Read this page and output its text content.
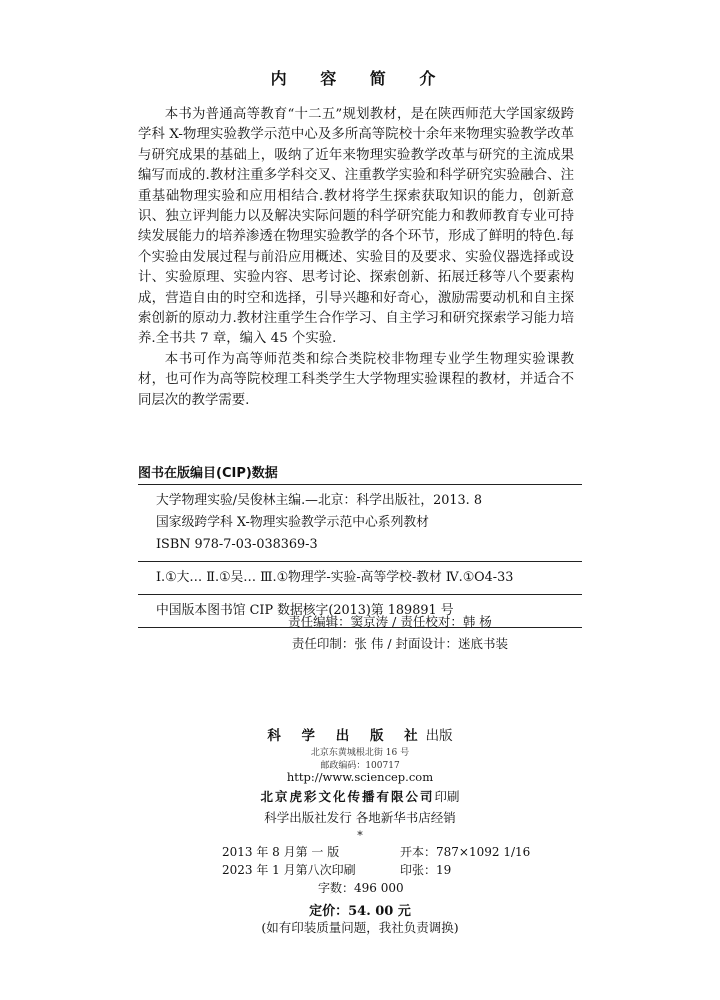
内 容 简 介

本书为普通高等教育“十二五”规划教材，是在陕西师范大学国家级跨学科 X-物理实验教学示范中心及多所高等院校十余年来物理实验教学改革与研究成果的基础上，吸纳了近年来物理实验教学改革与研究的主流成果编写而成的.教材注重多学科交叉、注重教学实验和科学研究实验融合、注重基础物理实验和应用相结合.教材将学生探索获取知识的能力，创新意识、独立评判能力以及解决实际问题的科学研究能力和教师教育专业可持续发展能力的培养渗透在物理实验教学的各个环节，形成了鲜明的特色.每个实验由发展过程与前沿应用概述、实验目的及要求、实验仪器选择或设计、实验原理、实验内容、思考讨论、探索创新、拓展迁移等八个要素构成，营造自由的时空和选择，引导兴趣和好奇心，激励需要动机和自主探索创新的原动力.教材注重学生合作学习、自主学习和研究探索学习能力培养.全书共 7 章，编入 45 个实验.

本书可作为高等师范类和综合类院校非物理专业学生物理实验课教材，也可作为高等院校理工科类学生大学物理实验课程的教材，并适合不同层次的教学需要.

图书在版编目(CIP)数据
大学物理实验/吴俊林主编.—北京：科学出版社，2013. 8
国家级跨学科 X-物理实验教学示范中心系列教材
ISBN 978-7-03-038369-3
Ⅰ.①大… Ⅱ.①吴… Ⅲ.①物理学-实验-高等学校-教材 Ⅳ.①O4-33
中国版本图书馆 CIP 数据核字(2013)第 189891 号
责任编辑：窦京涛 / 责任校对：韩 杨
责任印制：张 伟 / 封面设计：迷底书装
科 学 出 版 社出版
北京东黄城根北街 16 号
邮政编码：100717
http://www.sciencep.com
北京虎彩文化传播有限公司印刷
科学出版社发行 各地新华书店经销
*
2013 年 8 月第 一 版	开本：787×1092 1/16
2023 年 1 月第八次印刷	印张：19
字数：496 000
定价：54. 00 元
(如有印装质量问题，我社负责调换)
